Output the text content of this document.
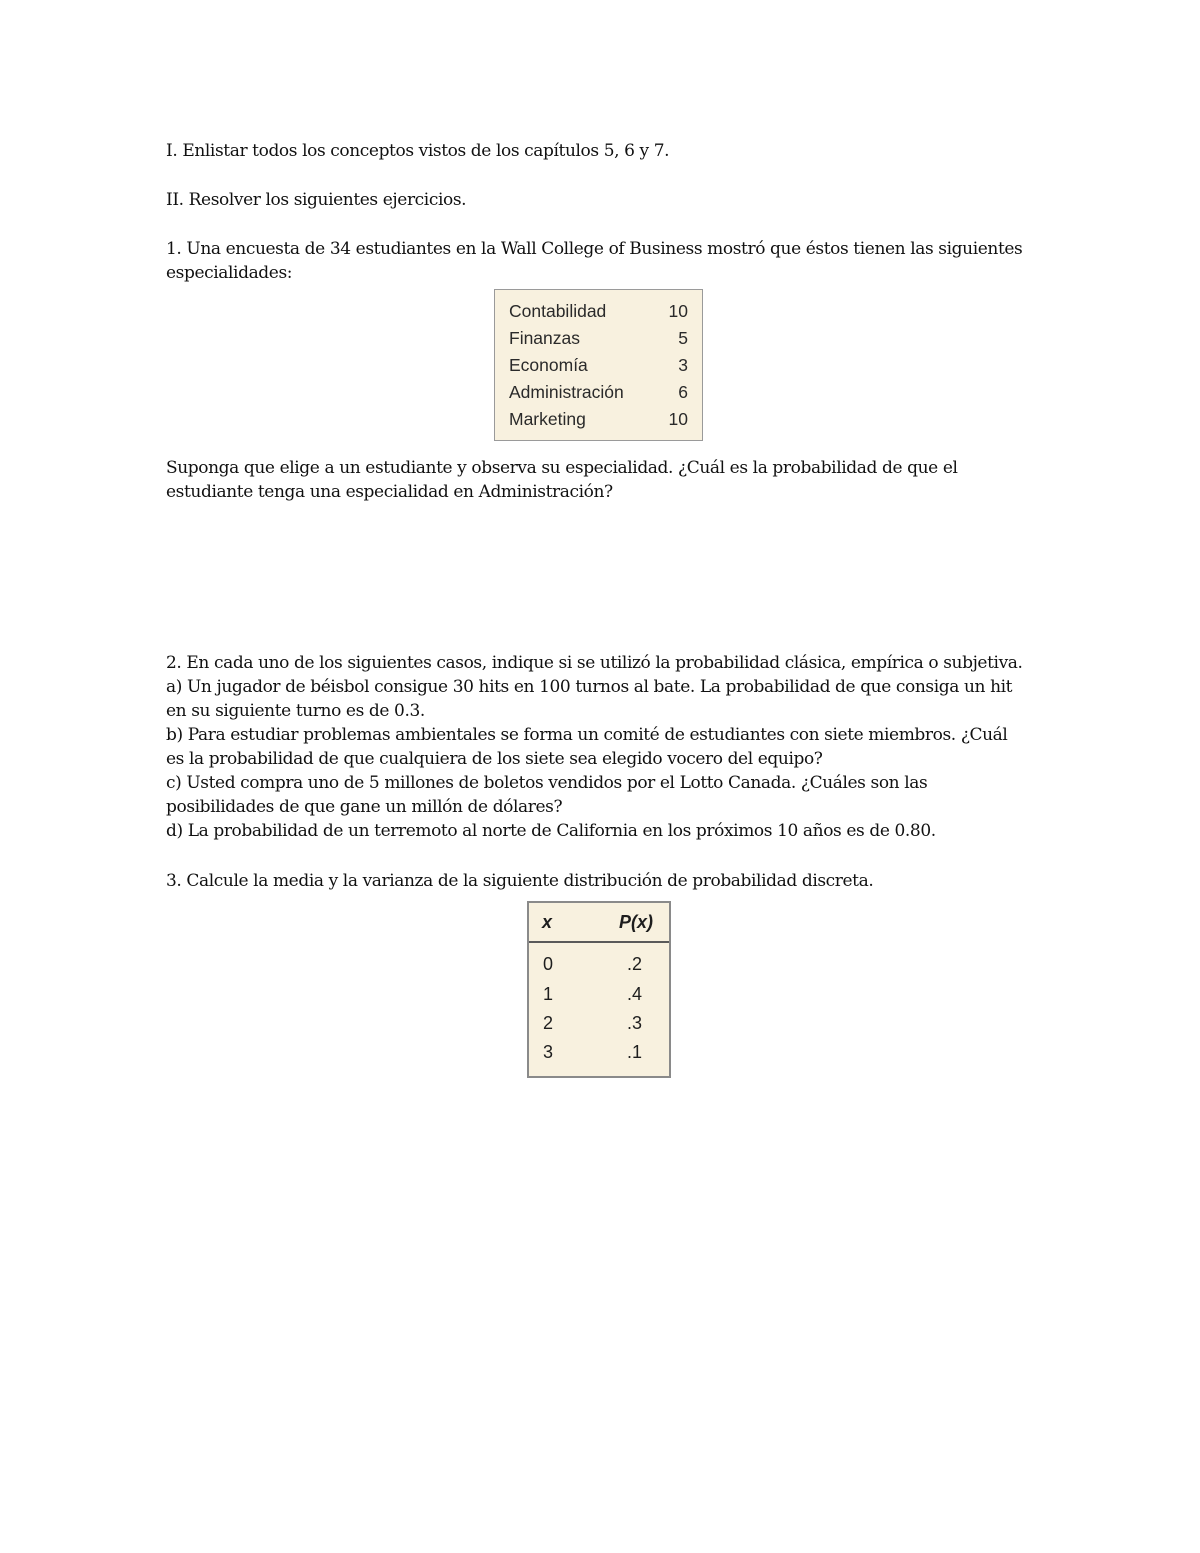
I. Enlistar todos los conceptos vistos de los capítulos 5, 6 y 7.
II. Resolver los siguientes ejercicios.
1. Una encuesta de 34 estudiantes en la Wall College of Business mostró que éstos tienen las siguientes
especialidades:
Contabilidad	10
Finanzas	5
Economía	3
Administración	6
Marketing	10
Suponga que elige a un estudiante y observa su especialidad. ¿Cuál es la probabilidad de que el
estudiante tenga una especialidad en Administración?
2. En cada uno de los siguientes casos, indique si se utilizó la probabilidad clásica, empírica o subjetiva.
a) Un jugador de béisbol consigue 30 hits en 100 turnos al bate. La probabilidad de que consiga un hit
en su siguiente turno es de 0.3.
b) Para estudiar problemas ambientales se forma un comité de estudiantes con siete miembros. ¿Cuál
es la probabilidad de que cualquiera de los siete sea elegido vocero del equipo?
c) Usted compra uno de 5 millones de boletos vendidos por el Lotto Canada. ¿Cuáles son las
posibilidades de que gane un millón de dólares?
d) La probabilidad de un terremoto al norte de California en los próximos 10 años es de 0.80.
3. Calcule la media y la varianza de la siguiente distribución de probabilidad discreta.
x	P(x)
0	.2
1	.4
2	.3
3	.1
